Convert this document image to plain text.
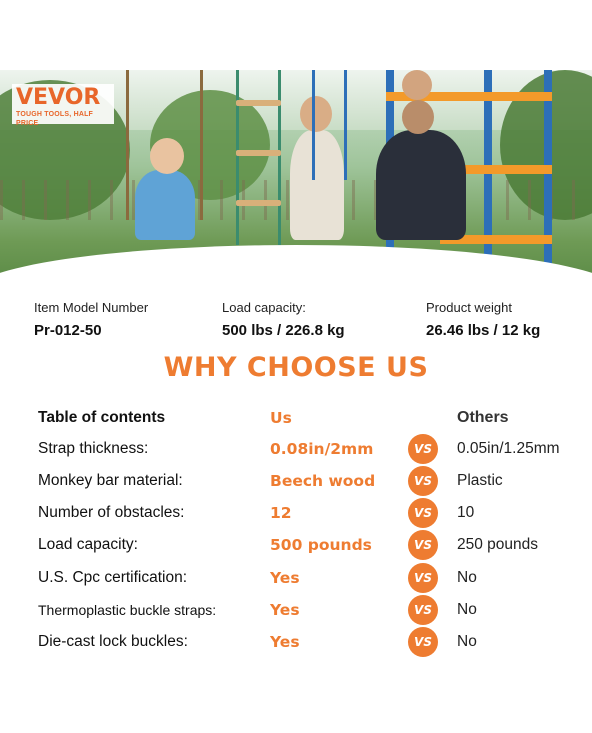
VEVOR
TOUGH TOOLS, HALF PRICE
Item Model Number
Pr-012-50
Load capacity:
500 lbs / 226.8 kg
Product weight
26.46 lbs / 12 kg
WHY CHOOSE US
Table of contents	Us	Others
Strap thickness:	0.08in/2mm	VS	0.05in/1.25mm
Monkey bar material:	Beech wood	VS	Plastic
Number of obstacles:	12	VS	10
Load capacity:	500 pounds	VS	250 pounds
U.S. Cpc certification:	Yes	VS	No
Thermoplastic buckle straps:	Yes	VS	No
Die-cast lock buckles:	Yes	VS	No
